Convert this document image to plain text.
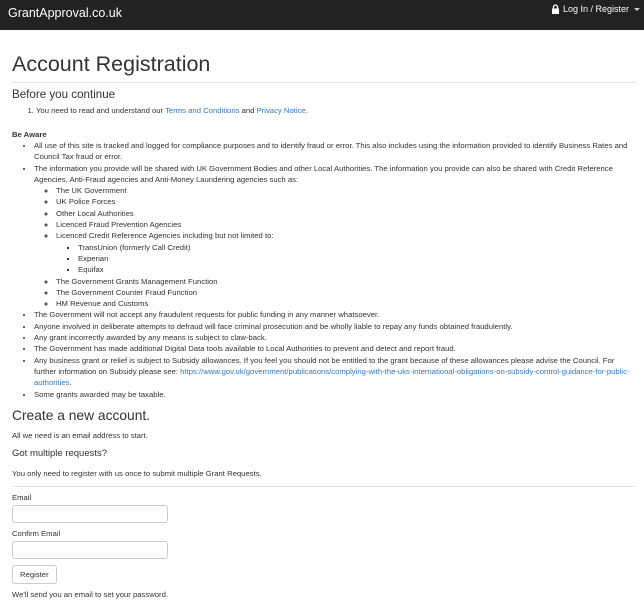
GrantApproval.co.uk	Log In / Register
Account Registration
Before you continue
1. You need to read and understand our Terms and Conditions and Privacy Notice.
Be Aware
• All use of this site is tracked and logged for compliance purposes and to identify fraud or error. This also includes using the information provided to identify Business Rates and Council Tax fraud or error.
• The information you provide will be shared with UK Government Bodies and other Local Authorities. The information you provide can also be shared with Credit Reference Agencies, Anti-Fraud agencies and Anti-Money Laundering agencies such as:
◦ The UK Government
◦ UK Police Forces
◦ Other Local Authorities
◦ Licenced Fraud Prevention Agencies
◦ Licenced Credit Reference Agencies including but not limited to:
▪ TransUnion (formerly Call Credit)
▪ Experian
▪ Equifax
◦ The Government Grants Management Function
◦ The Government Counter Fraud Function
◦ HM Revenue and Customs
• The Government will not accept any fraudulent requests for public funding in any manner whatsoever.
• Anyone involved in deliberate attempts to defraud will face criminal prosecution and be wholly liable to repay any funds obtained fraudulently.
• Any grant incorrectly awarded by any means is subject to claw-back.
• The Government has made additional Digital Data tools available to Local Authorities to prevent and detect and report fraud.
• Any business grant or relief is subject to Subsidy allowances. If you feel you should not be entitled to the grant because of these allowances please advise the Council. For further information on Subsidy please see: https://www.gov.uk/government/publications/complying-with-the-uks-international-obligations-on-subsidy-control-guidance-for-public-authorities.
• Some grants awarded may be taxable.
Create a new account.
All we need is an email address to start.
Got multiple requests?
You only need to register with us once to submit multiple Grant Requests.
Email
Confirm Email
Register
We'll send you an email to set your password.
